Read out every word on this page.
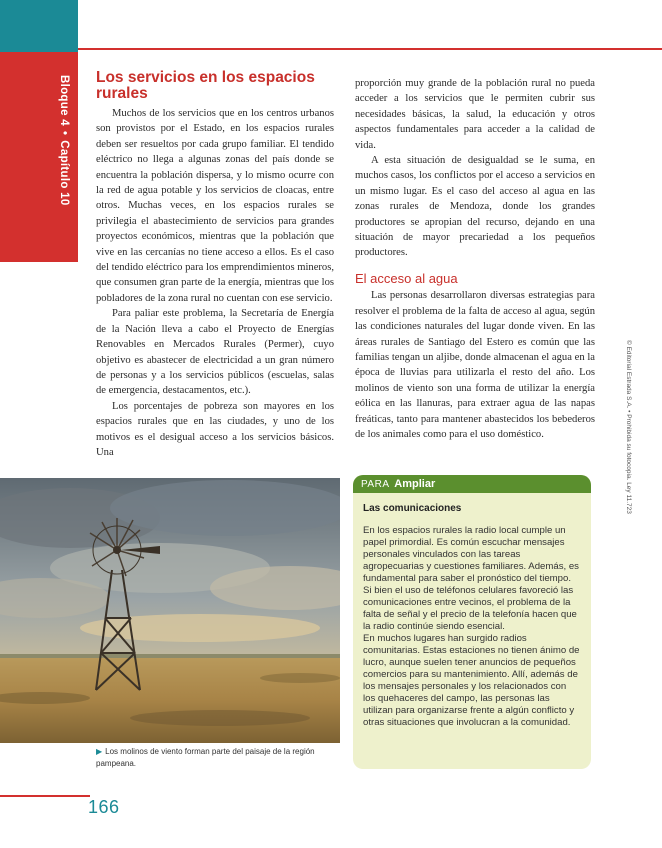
Bloque 4•Capítulo 10
© Editorial Estrada S.A. • Prohibida su fotocopia. Ley 11.723
Los servicios en los espacios rurales

Muchos de los servicios que en los centros urbanos son provistos por el Estado, en los espacios rurales deben ser resueltos por cada grupo familiar. El tendido eléctrico no llega a algunas zonas del país donde se encuentra la población dispersa, y lo mismo ocurre con la red de agua potable y los servicios de cloacas, entre otros. Muchas veces, en los espacios rurales se privilegia el abastecimiento de servicios para grandes proyectos económicos, mientras que la población que vive en las cercanías no tiene acceso a ellos. Es el caso del tendido eléctrico para los emprendimientos mineros, que consumen gran parte de la energía, mientras que los pobladores de la zona rural no cuentan con ese servicio.

Para paliar este problema, la Secretaría de Energía de la Nación lleva a cabo el Proyecto de Energías Renovables en Mercados Rurales (Permer), cuyo objetivo es abastecer de electricidad a un gran número de personas y a los servicios públicos (escuelas, salas de emergencia, destacamentos, etc.).

Los porcentajes de pobreza son mayores en los espacios rurales que en las ciudades, y uno de los motivos es el desigual acceso a los servicios básicos. Una

proporción muy grande de la población rural no pueda acceder a los servicios que le permiten cubrir sus necesidades básicas, la salud, la educación y otros aspectos fundamentales para acceder a la calidad de vida.

A esta situación de desigualdad se le suma, en muchos casos, los conflictos por el acceso a servicios en un mismo lugar. Es el caso del acceso al agua en las zonas rurales de Mendoza, donde los grandes productores se apropian del recurso, dejando en una situación de mayor precariedad a los pequeños productores.

El acceso al agua

Las personas desarrollaron diversas estrategias para resolver el problema de la falta de acceso al agua, según las condiciones naturales del lugar donde viven. En las áreas rurales de Santiago del Estero es común que las familias tengan un aljibe, donde almacenan el agua en la época de lluvias para utilizarla el resto del año. Los molinos de viento son una forma de utilizar la energía eólica en las llanuras, para extraer agua de las napas freáticas, tanto para mantener abastecidos los bebederos de los animales como para el uso doméstico.

▶ Los molinos de viento forman parte del paisaje de la región pampeana.
PARA Ampliar
Las comunicaciones

En los espacios rurales la radio local cumple un papel primordial. Es común escuchar mensajes personales vinculados con las tareas agropecuarias y cuestiones familiares. Además, es fundamental para saber el pronóstico del tiempo. Si bien el uso de teléfonos celulares favoreció las comunicaciones entre vecinos, el problema de la falta de señal y el precio de la telefonía hacen que la radio continúe siendo esencial.

En muchos lugares han surgido radios comunitarias. Estas estaciones no tienen ánimo de lucro, aunque suelen tener anuncios de pequeños comercios para su mantenimiento. Allí, además de los mensajes personales y los relacionados con los quehaceres del campo, las personas las utilizan para organizarse frente a algún conflicto y otras situaciones que involucran a la comunidad.

166
